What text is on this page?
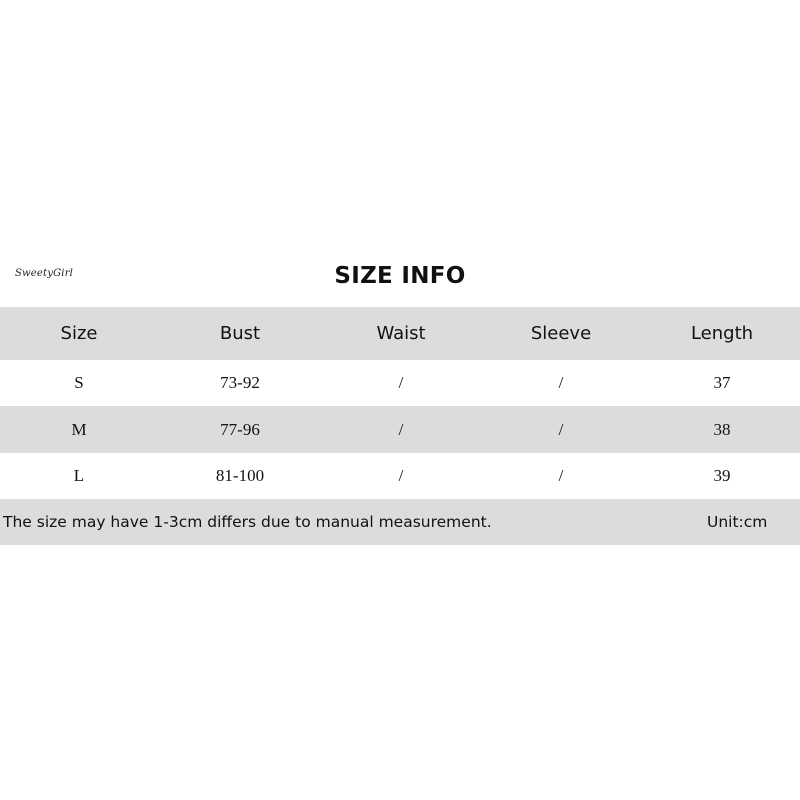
SweetyGirl	SIZE INFO
Size	Bust	Waist	Sleeve	Length
S	73-92	/	/	37
M	77-96	/	/	38
L	81-100	/	/	39
The size may have 1-3cm differs due to manual measurement.	Unit:cm
